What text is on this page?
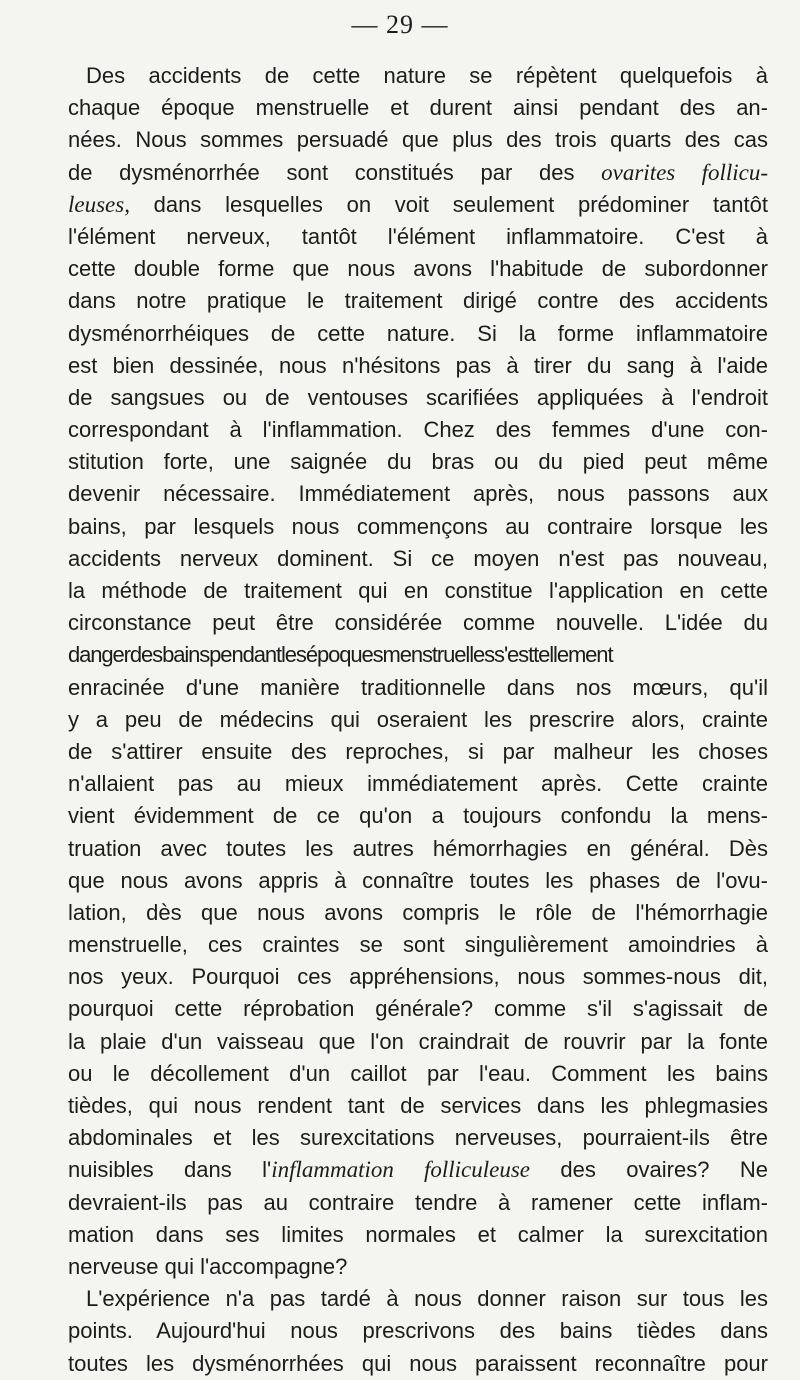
— 29 —
Des accidents de cette nature se répètent quelquefois à
chaque époque menstruelle et durent ainsi pendant des an-
nées. Nous sommes persuadé que plus des trois quarts des cas
de dysménorrhée sont constitués par des ovarites follicu-
leuses, dans lesquelles on voit seulement prédominer tantôt
l'élément nerveux, tantôt l'élément inflammatoire. C'est à
cette double forme que nous avons l'habitude de subordonner
dans notre pratique le traitement dirigé contre des accidents
dysménorrhéiques de cette nature. Si la forme inflammatoire
est bien dessinée, nous n'hésitons pas à tirer du sang à l'aide
de sangsues ou de ventouses scarifiées appliquées à l'endroit
correspondant à l'inflammation. Chez des femmes d'une con-
stitution forte, une saignée du bras ou du pied peut même
devenir nécessaire. Immédiatement après, nous passons aux
bains, par lesquels nous commençons au contraire lorsque les
accidents nerveux dominent. Si ce moyen n'est pas nouveau,
la méthode de traitement qui en constitue l'application en cette
circonstance peut être considérée comme nouvelle. L'idée du
dangerdesbainspendantlesépoquesmenstruelless'esttellement
enracinée d'une manière traditionnelle dans nos mœurs, qu'il
y a peu de médecins qui oseraient les prescrire alors, crainte
de s'attirer ensuite des reproches, si par malheur les choses
n'allaient pas au mieux immédiatement après. Cette crainte
vient évidemment de ce qu'on a toujours confondu la mens-
truation avec toutes les autres hémorrhagies en général. Dès
que nous avons appris à connaître toutes les phases de l'ovu-
lation, dès que nous avons compris le rôle de l'hémorrhagie
menstruelle, ces craintes se sont singulièrement amoindries à
nos yeux. Pourquoi ces appréhensions, nous sommes-nous dit,
pourquoi cette réprobation générale? comme s'il s'agissait de
la plaie d'un vaisseau que l'on craindrait de rouvrir par la fonte
ou le décollement d'un caillot par l'eau. Comment les bains
tièdes, qui nous rendent tant de services dans les phlegmasies
abdominales et les surexcitations nerveuses, pourraient-ils être
nuisibles dans l'inflammation folliculeuse des ovaires? Ne
devraient-ils pas au contraire tendre à ramener cette inflam-
mation dans ses limites normales et calmer la surexcitation
nerveuse qui l'accompagne?
L'expérience n'a pas tardé à nous donner raison sur tous les
points. Aujourd'hui nous prescrivons des bains tièdes dans
toutes les dysménorrhées qui nous paraissent reconnaître pour
